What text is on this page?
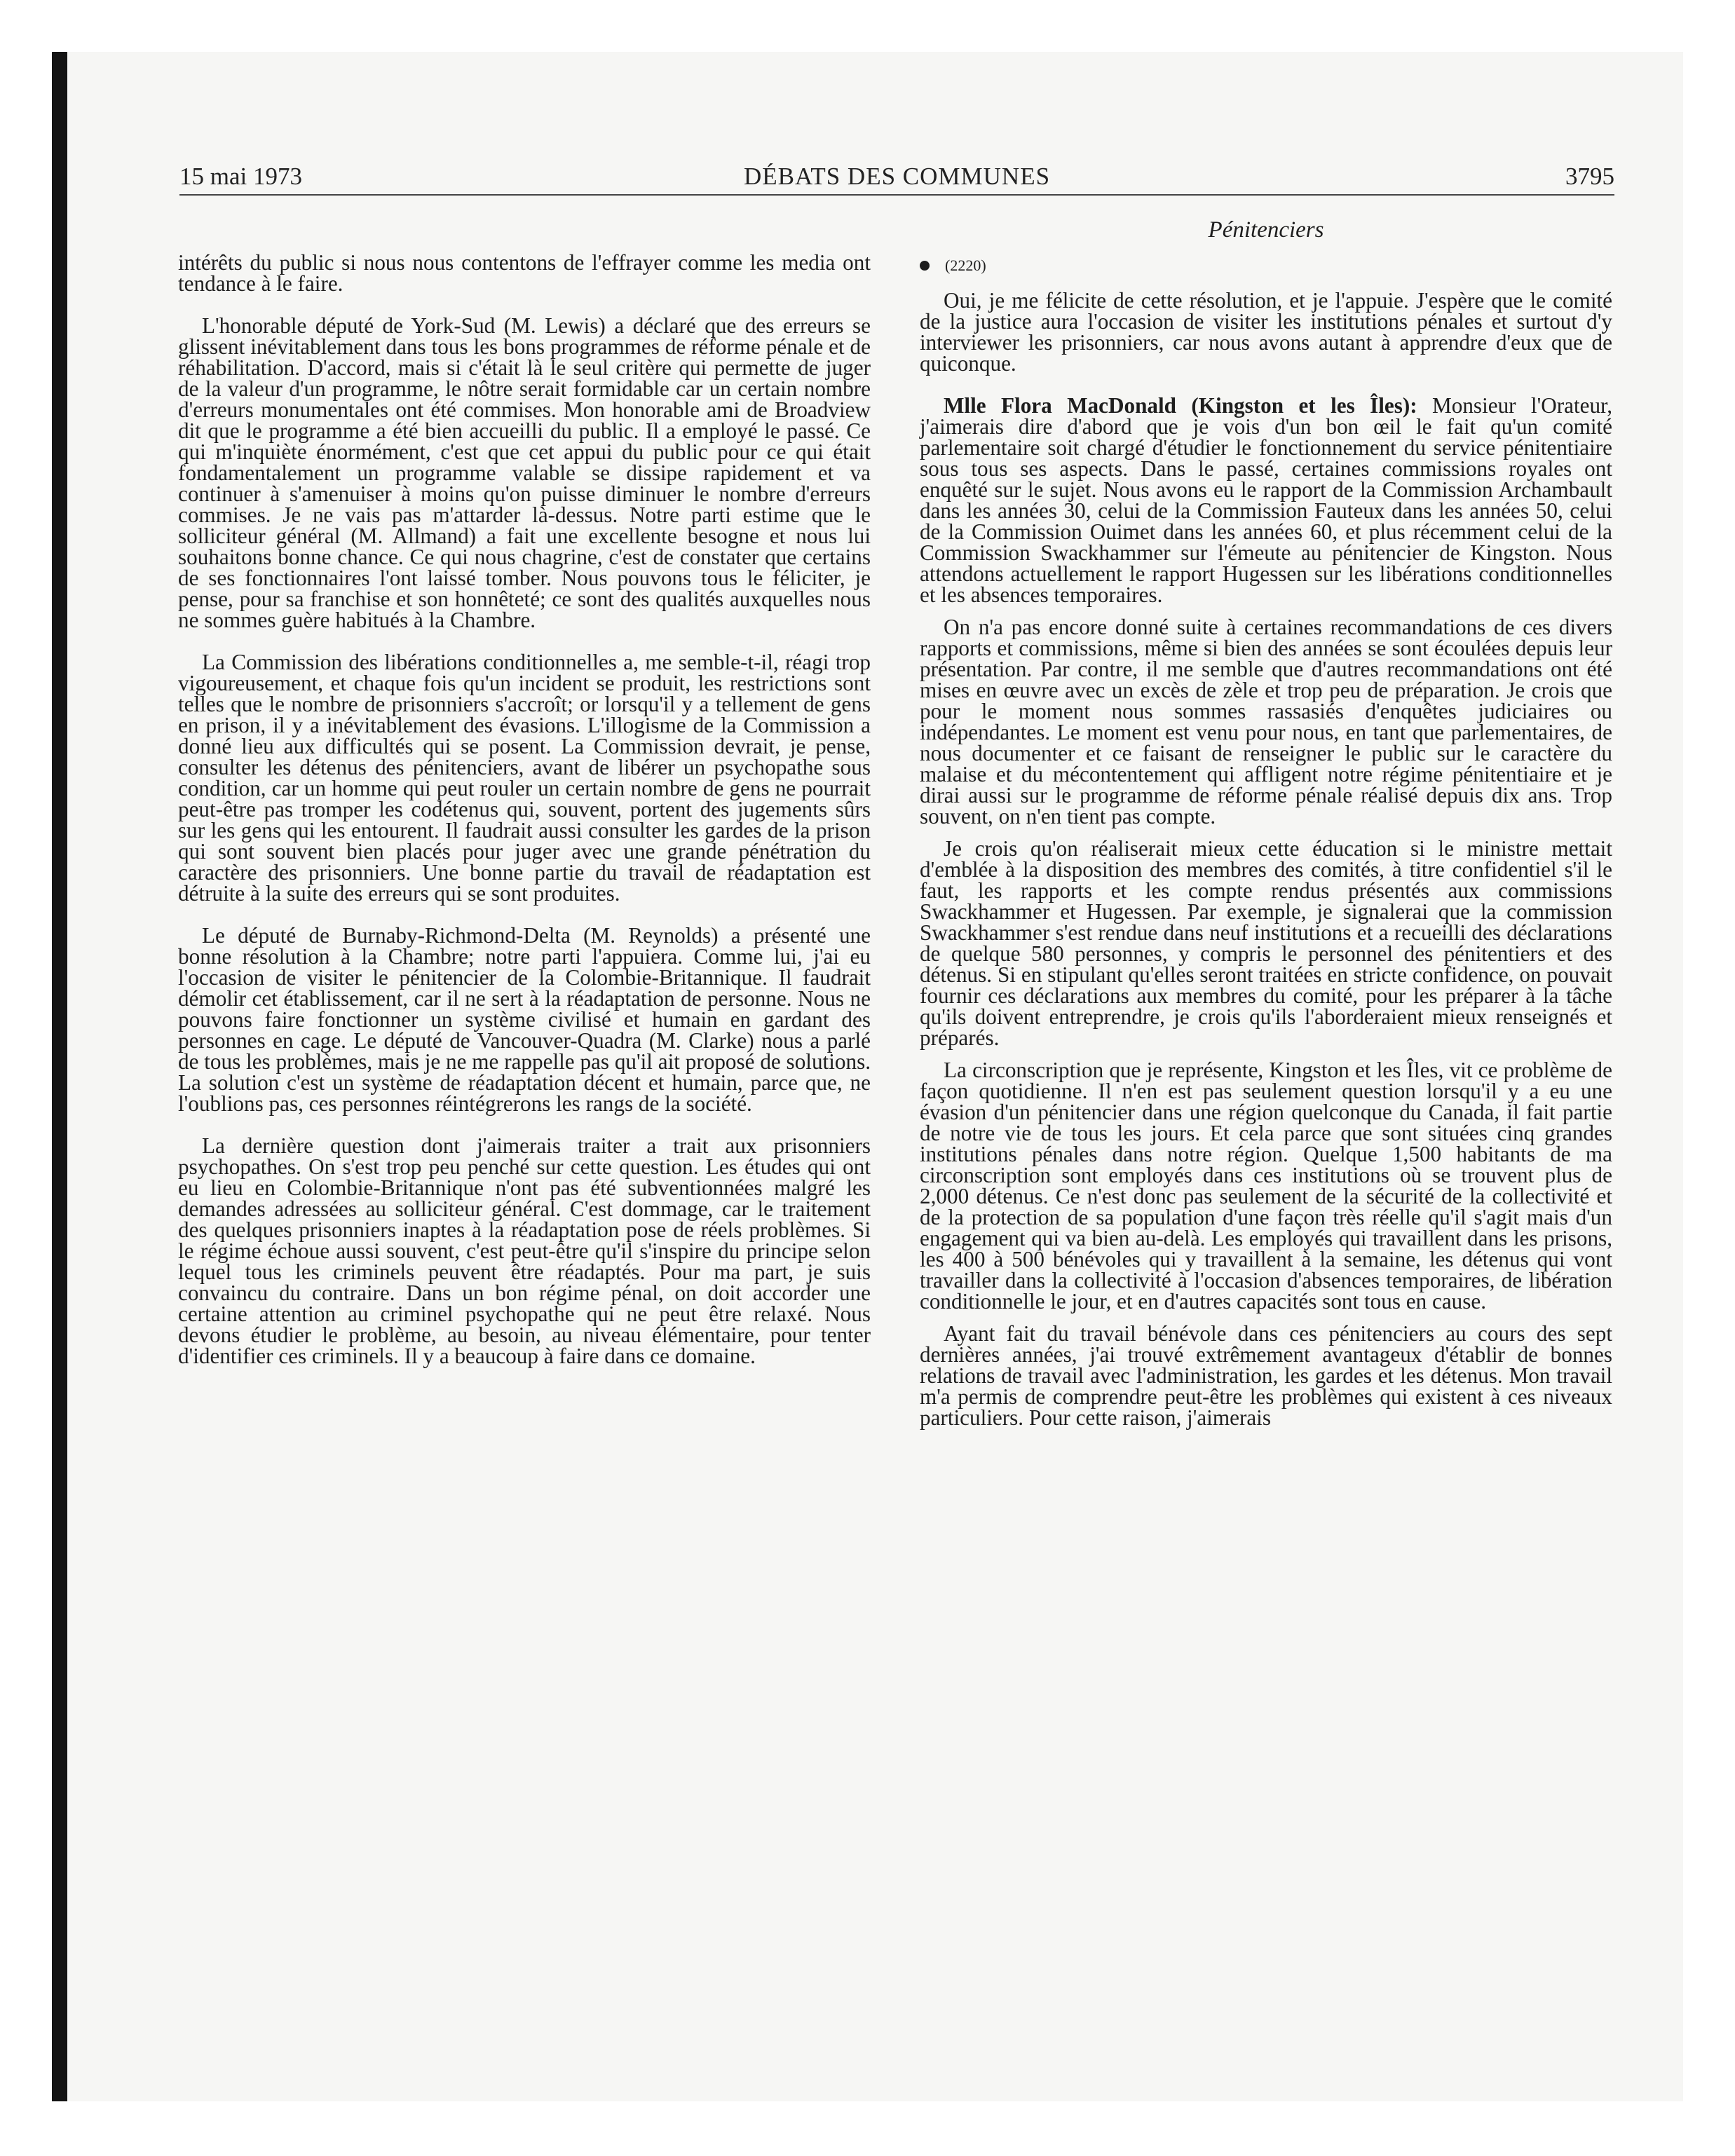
15 mai 1973	DÉBATS DES COMMUNES	3795

intérêts du public si nous nous contentons de l'effrayer comme les media ont tendance à le faire.

L'honorable député de York-Sud (M. Lewis) a déclaré que des erreurs se glissent inévitablement dans tous les bons programmes de réforme pénale et de réhabilitation. D'accord, mais si c'était là le seul critère qui permette de juger de la valeur d'un programme, le nôtre serait formidable car un certain nombre d'erreurs monumentales ont été commises. Mon honorable ami de Broadview dit que le programme a été bien accueilli du public. Il a employé le passé. Ce qui m'inquiète énormément, c'est que cet appui du public pour ce qui était fondamentalement un programme valable se dissipe rapidement et va continuer à s'amenuiser à moins qu'on puisse diminuer le nombre d'erreurs commises. Je ne vais pas m'attarder là-dessus. Notre parti estime que le solliciteur général (M. Allmand) a fait une excellente besogne et nous lui souhaitons bonne chance. Ce qui nous chagrine, c'est de constater que certains de ses fonctionnaires l'ont laissé tomber. Nous pouvons tous le féliciter, je pense, pour sa franchise et son honnêteté; ce sont des qualités auxquelles nous ne sommes guère habitués à la Chambre.

La Commission des libérations conditionnelles a, me semble-t-il, réagi trop vigoureusement, et chaque fois qu'un incident se produit, les restrictions sont telles que le nombre de prisonniers s'accroît; or lorsqu'il y a tellement de gens en prison, il y a inévitablement des évasions. L'illogisme de la Commission a donné lieu aux difficultés qui se posent. La Commission devrait, je pense, consulter les détenus des pénitenciers, avant de libérer un psychopathe sous condition, car un homme qui peut rouler un certain nombre de gens ne pourrait peut-être pas tromper les codétenus qui, souvent, portent des jugements sûrs sur les gens qui les entourent. Il faudrait aussi consulter les gardes de la prison qui sont souvent bien placés pour juger avec une grande pénétration du caractère des prisonniers. Une bonne partie du travail de réadaptation est détruite à la suite des erreurs qui se sont produites.

Le député de Burnaby-Richmond-Delta (M. Reynolds) a présenté une bonne résolution à la Chambre; notre parti l'appuiera. Comme lui, j'ai eu l'occasion de visiter le pénitencier de la Colombie-Britannique. Il faudrait démolir cet établissement, car il ne sert à la réadaptation de personne. Nous ne pouvons faire fonctionner un système civilisé et humain en gardant des personnes en cage. Le député de Vancouver-Quadra (M. Clarke) nous a parlé de tous les problèmes, mais je ne me rappelle pas qu'il ait proposé de solutions. La solution c'est un système de réadaptation décent et humain, parce que, ne l'oublions pas, ces personnes réintégrerons les rangs de la société.

La dernière question dont j'aimerais traiter a trait aux prisonniers psychopathes. On s'est trop peu penché sur cette question. Les études qui ont eu lieu en Colombie-Britannique n'ont pas été subventionnées malgré les demandes adressées au solliciteur général. C'est dommage, car le traitement des quelques prisonniers inaptes à la réadaptation pose de réels problèmes. Si le régime échoue aussi souvent, c'est peut-être qu'il s'inspire du principe selon lequel tous les criminels peuvent être réadaptés. Pour ma part, je suis convaincu du contraire. Dans un bon régime pénal, on doit accorder une certaine attention au criminel psychopathe qui ne peut être relaxé. Nous devons étudier le problème, au besoin, au niveau élémentaire, pour tenter d'identifier ces criminels. Il y a beaucoup à faire dans ce domaine.

Pénitenciers
(2220)

Oui, je me félicite de cette résolution, et je l'appuie. J'espère que le comité de la justice aura l'occasion de visiter les institutions pénales et surtout d'y interviewer les prisonniers, car nous avons autant à apprendre d'eux que de quiconque.

Mlle Flora MacDonald (Kingston et les Îles): Monsieur l'Orateur, j'aimerais dire d'abord que je vois d'un bon œil le fait qu'un comité parlementaire soit chargé d'étudier le fonctionnement du service pénitentiaire sous tous ses aspects. Dans le passé, certaines commissions royales ont enquêté sur le sujet. Nous avons eu le rapport de la Commission Archambault dans les années 30, celui de la Commission Fauteux dans les années 50, celui de la Commission Ouimet dans les années 60, et plus récemment celui de la Commission Swackhammer sur l'émeute au pénitencier de Kingston. Nous attendons actuellement le rapport Hugessen sur les libérations conditionnelles et les absences temporaires.

On n'a pas encore donné suite à certaines recommandations de ces divers rapports et commissions, même si bien des années se sont écoulées depuis leur présentation. Par contre, il me semble que d'autres recommandations ont été mises en œuvre avec un excès de zèle et trop peu de préparation. Je crois que pour le moment nous sommes rassasiés d'enquêtes judiciaires ou indépendantes. Le moment est venu pour nous, en tant que parlementaires, de nous documenter et ce faisant de renseigner le public sur le caractère du malaise et du mécontentement qui affligent notre régime pénitentiaire et je dirai aussi sur le programme de réforme pénale réalisé depuis dix ans. Trop souvent, on n'en tient pas compte.

Je crois qu'on réaliserait mieux cette éducation si le ministre mettait d'emblée à la disposition des membres des comités, à titre confidentiel s'il le faut, les rapports et les compte rendus présentés aux commissions Swackhammer et Hugessen. Par exemple, je signalerai que la commission Swackhammer s'est rendue dans neuf institutions et a recueilli des déclarations de quelque 580 personnes, y compris le personnel des pénitentiers et des détenus. Si en stipulant qu'elles seront traitées en stricte confidence, on pouvait fournir ces déclarations aux membres du comité, pour les préparer à la tâche qu'ils doivent entreprendre, je crois qu'ils l'aborderaient mieux renseignés et préparés.

La circonscription que je représente, Kingston et les Îles, vit ce problème de façon quotidienne. Il n'en est pas seulement question lorsqu'il y a eu une évasion d'un pénitencier dans une région quelconque du Canada, il fait partie de notre vie de tous les jours. Et cela parce que sont situées cinq grandes institutions pénales dans notre région. Quelque 1,500 habitants de ma circonscription sont employés dans ces institutions où se trouvent plus de 2,000 détenus. Ce n'est donc pas seulement de la sécurité de la collectivité et de la protection de sa population d'une façon très réelle qu'il s'agit mais d'un engagement qui va bien au-delà. Les employés qui travaillent dans les prisons, les 400 à 500 bénévoles qui y travaillent à la semaine, les détenus qui vont travailler dans la collectivité à l'occasion d'absences temporaires, de libération conditionnelle le jour, et en d'autres capacités sont tous en cause.

Ayant fait du travail bénévole dans ces pénitenciers au cours des sept dernières années, j'ai trouvé extrêmement avantageux d'établir de bonnes relations de travail avec l'administration, les gardes et les détenus. Mon travail m'a permis de comprendre peut-être les problèmes qui existent à ces niveaux particuliers. Pour cette raison, j'aimerais
